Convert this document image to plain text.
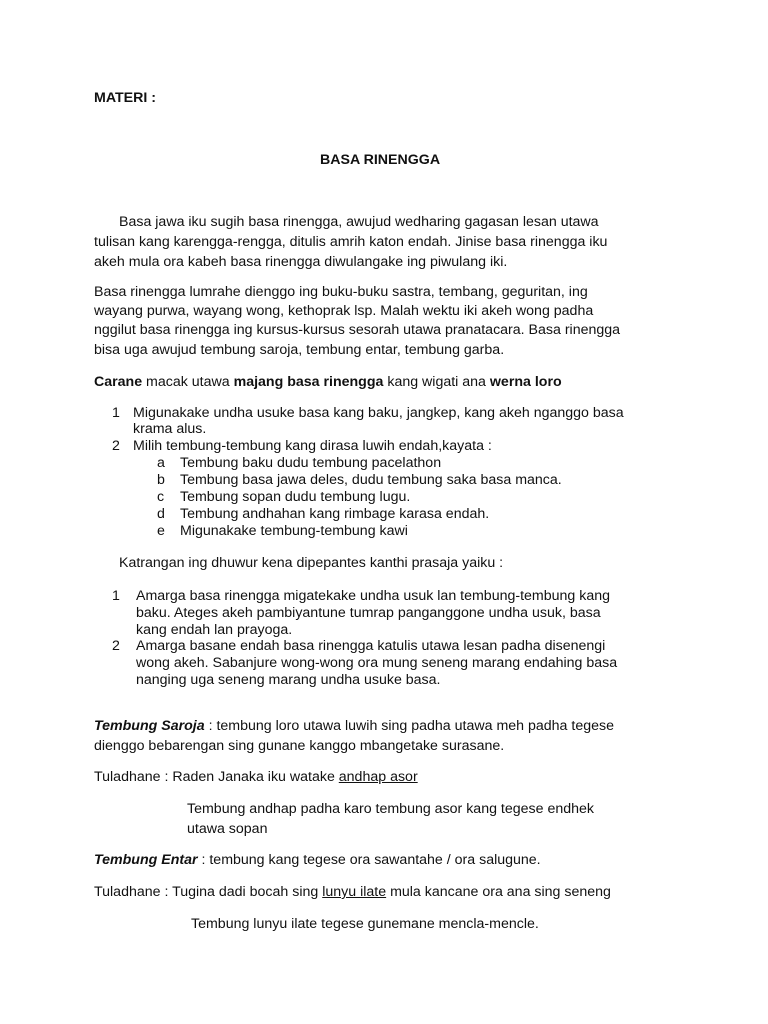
MATERI :
BASA RINENGGA
Basa jawa iku sugih basa rinengga, awujud wedharing gagasan lesan utawa
tulisan kang karengga-rengga, ditulis amrih katon endah. Jinise basa rinengga iku
akeh mula ora kabeh basa rinengga diwulangake ing piwulang iki.
Basa rinengga lumrahe dienggo ing buku-buku sastra, tembang, geguritan, ing
wayang purwa, wayang wong, kethoprak lsp. Malah wektu iki akeh wong padha
nggilut basa rinengga ing kursus-kursus sesorah utawa pranatacara. Basa rinengga
bisa uga awujud tembung saroja, tembung entar, tembung garba.
Carane macak utawa majang basa rinengga kang wigati ana werna loro
1 Migunakake undha usuke basa kang baku, jangkep, kang akeh nganggo basa
krama alus.
2 Milih tembung-tembung kang dirasa luwih endah,kayata :
a Tembung baku dudu tembung pacelathon
b Tembung basa jawa deles, dudu tembung saka basa manca.
c Tembung sopan dudu tembung lugu.
d Tembung andhahan kang rimbage karasa endah.
e Migunakake tembung-tembung kawi
Katrangan ing dhuwur kena dipepantes kanthi prasaja yaiku :
1 Amarga basa rinengga migatekake undha usuk lan tembung-tembung kang
baku. Ateges akeh pambiyantune tumrap panganggone undha usuk, basa
kang endah lan prayoga.
2 Amarga basane endah basa rinengga katulis utawa lesan padha disenengi
wong akeh. Sabanjure wong-wong ora mung seneng marang endahing basa
nanging uga seneng marang undha usuke basa.
Tembung Saroja : tembung loro utawa luwih sing padha utawa meh padha tegese
dienggo bebarengan sing gunane kanggo mbangetake surasane.
Tuladhane : Raden Janaka iku watake andhap asor
Tembung andhap padha karo tembung asor kang tegese endhek
utawa sopan
Tembung Entar : tembung kang tegese ora sawantahe / ora salugune.
Tuladhane : Tugina dadi bocah sing lunyu ilate mula kancane ora ana sing seneng
Tembung lunyu ilate tegese gunemane mencla-mencle.
